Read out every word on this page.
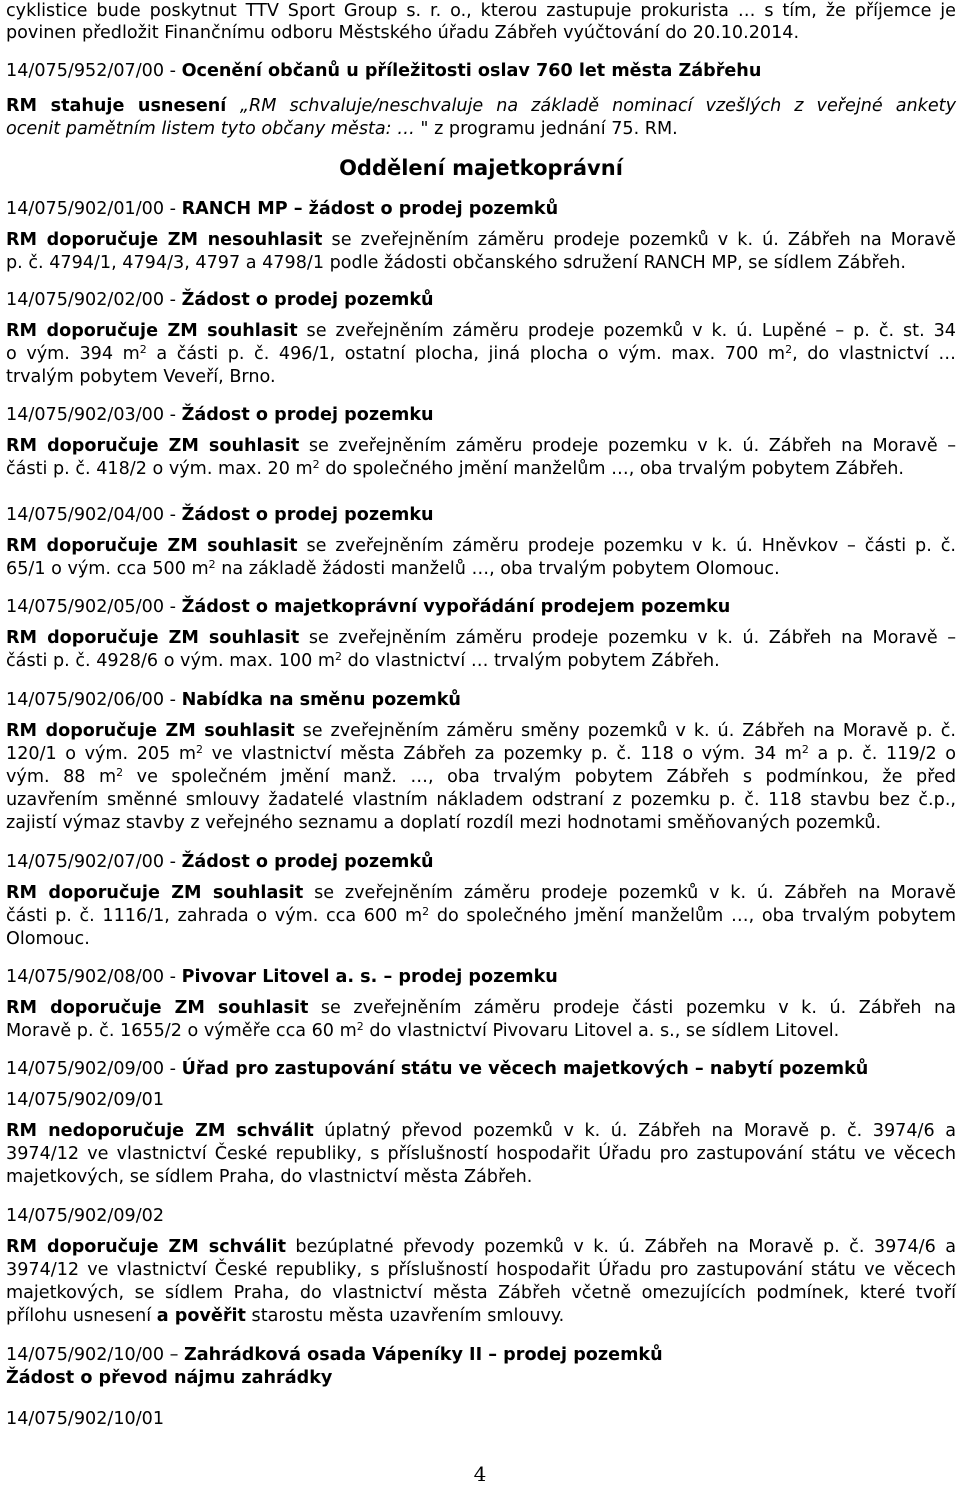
cyklistice bude poskytnut TTV Sport Group s. r. o., kterou zastupuje prokurista … s tím, že příjemce je
povinen předložit Finančnímu odboru Městského úřadu Zábřeh vyúčtování do 20.10.2014.
14/075/952/07/00 - Ocenění občanů u příležitosti oslav 760 let města Zábřehu
RM stahuje usnesení „RM schvaluje/neschvaluje na základě nominací vzešlých z veřejné ankety
ocenit pamětním listem tyto občany města: … " z programu jednání 75. RM.
Oddělení majetkoprávní
14/075/902/01/00 - RANCH MP – žádost o prodej pozemků
RM doporučuje ZM nesouhlasit se zveřejněním záměru prodeje pozemků v k. ú. Zábřeh na Moravě
p. č. 4794/1, 4794/3, 4797 a 4798/1 podle žádosti občanského sdružení RANCH MP, se sídlem Zábřeh.
14/075/902/02/00 - Žádost o prodej pozemků
RM doporučuje ZM souhlasit se zveřejněním záměru prodeje pozemků v k. ú. Lupěné – p. č. st. 34
o vým. 394 $m^2$ a části p. č. 496/1, ostatní plocha, jiná plocha o vým. max. 700 $m^2$, do vlastnictví …
trvalým pobytem Veveří, Brno.
14/075/902/03/00 - Žádost o prodej pozemku
RM doporučuje ZM souhlasit se zveřejněním záměru prodeje pozemku v k. ú. Zábřeh na Moravě –
části p. č. 418/2 o vým. max. 20 $m^2$ do společného jmění manželům …, oba trvalým pobytem Zábřeh.
14/075/902/04/00 - Žádost o prodej pozemku
RM doporučuje ZM souhlasit se zveřejněním záměru prodeje pozemku v k. ú. Hněvkov – části p. č.
65/1 o vým. cca 500 $m^2$ na základě žádosti manželů …, oba trvalým pobytem Olomouc.
14/075/902/05/00 - Žádost o majetkoprávní vypořádání prodejem pozemku
RM doporučuje ZM souhlasit se zveřejněním záměru prodeje pozemku v k. ú. Zábřeh na Moravě –
části p. č. 4928/6 o vým. max. 100 $m^2$ do vlastnictví … trvalým pobytem Zábřeh.
14/075/902/06/00 - Nabídka na směnu pozemků
RM doporučuje ZM souhlasit se zveřejněním záměru směny pozemků v k. ú. Zábřeh na Moravě p. č.
120/1 o vým. 205 $m^2$ ve vlastnictví města Zábřeh za pozemky p. č. 118 o vým. 34 $m^2$ a p. č. 119/2 o
vým. 88 $m^2$ ve společném jmění manž. …, oba trvalým pobytem Zábřeh s podmínkou, že před
uzavřením směnné smlouvy žadatelé vlastním nákladem odstraní z pozemku p. č. 118 stavbu bez č.p.,
zajistí výmaz stavby z veřejného seznamu a doplatí rozdíl mezi hodnotami směňovaných pozemků.
14/075/902/07/00 - Žádost o prodej pozemků
RM doporučuje ZM souhlasit se zveřejněním záměru prodeje pozemků v k. ú. Zábřeh na Moravě
části p. č. 1116/1, zahrada o vým. cca 600 $m^2$ do společného jmění manželům …, oba trvalým pobytem
Olomouc.
14/075/902/08/00 - Pivovar Litovel a. s. – prodej pozemku
RM doporučuje ZM souhlasit se zveřejněním záměru prodeje části pozemku v k. ú. Zábřeh na
Moravě p. č. 1655/2 o výměře cca 60 $m^2$ do vlastnictví Pivovaru Litovel a. s., se sídlem Litovel.
14/075/902/09/00 - Úřad pro zastupování státu ve věcech majetkových – nabytí pozemků
14/075/902/09/01
RM nedoporučuje ZM schválit úplatný převod pozemků v k. ú. Zábřeh na Moravě p. č. 3974/6 a
3974/12 ve vlastnictví České republiky, s příslušností hospodařit Úřadu pro zastupování státu ve věcech
majetkových, se sídlem Praha, do vlastnictví města Zábřeh.
14/075/902/09/02
RM doporučuje ZM schválit bezúplatné převody pozemků v k. ú. Zábřeh na Moravě p. č. 3974/6 a
3974/12 ve vlastnictví České republiky, s příslušností hospodařit Úřadu pro zastupování státu ve věcech
majetkových, se sídlem Praha, do vlastnictví města Zábřeh včetně omezujících podmínek, které tvoří
přílohu usnesení a pověřit starostu města uzavřením smlouvy.
14/075/902/10/00 – Zahrádková osada Vápeníky II – prodej pozemků
Žádost o převod nájmu zahrádky
14/075/902/10/01
4
